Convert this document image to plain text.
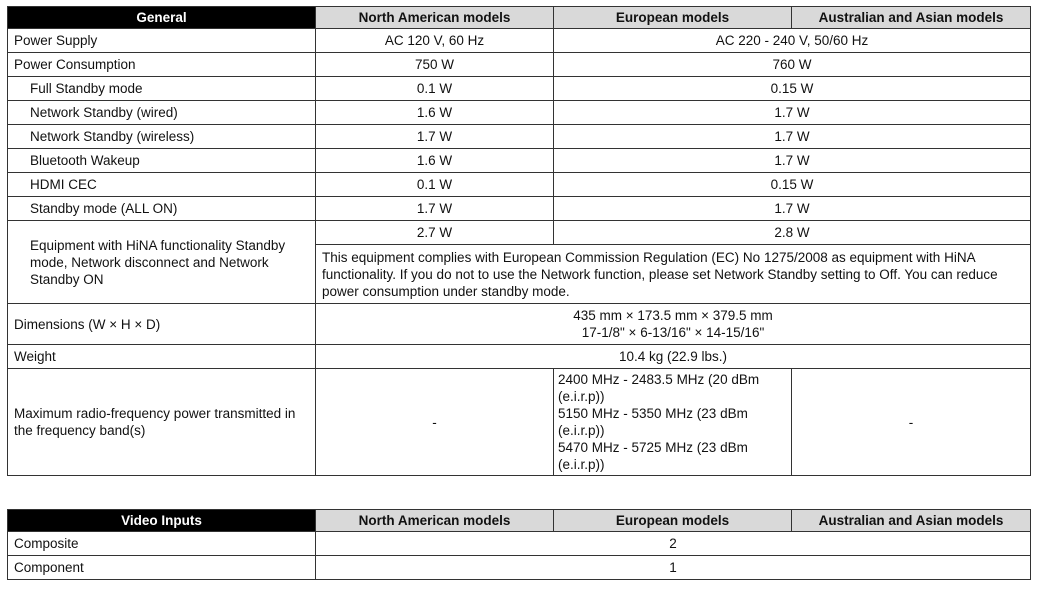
General	North American models	European models	Australian and Asian models
Power Supply	AC 120 V, 60 Hz	AC 220 - 240 V, 50/60 Hz	
Power Consumption	750 W	760 W	
Full Standby mode	0.1 W	0.15 W	
Network Standby (wired)	1.6 W	1.7 W	
Network Standby (wireless)	1.7 W	1.7 W	
Bluetooth Wakeup	1.6 W	1.7 W	
HDMI CEC	0.1 W	0.15 W	
Standby mode (ALL ON)	1.7 W	1.7 W	
Equipment with HiNA functionality Standby mode, Network disconnect and Network Standby ON	2.7 W	2.8 W	
	This equipment complies with European Commission Regulation (EC) No 1275/2008 as equipment with HiNA functionality. If you do not to use the Network function, please set Network Standby setting to Off. You can reduce power consumption under standby mode.		
Dimensions (W × H × D)	435 mm × 173.5 mm × 379.5 mm
17-1/8" × 6-13/16" × 14-15/16"		

Weight	10.4 kg (22.9 lbs.)		
Maximum radio-frequency power transmitted in the frequency band(s)	-	2400 MHz - 2483.5 MHz (20 dBm (e.i.r.p))
5150 MHz - 5350 MHz (23 dBm (e.i.r.p))
5470 MHz - 5725 MHz (23 dBm (e.i.r.p))	-
Video Inputs	North American models	European models	Australian and Asian models
Composite	2		
Component	1		
